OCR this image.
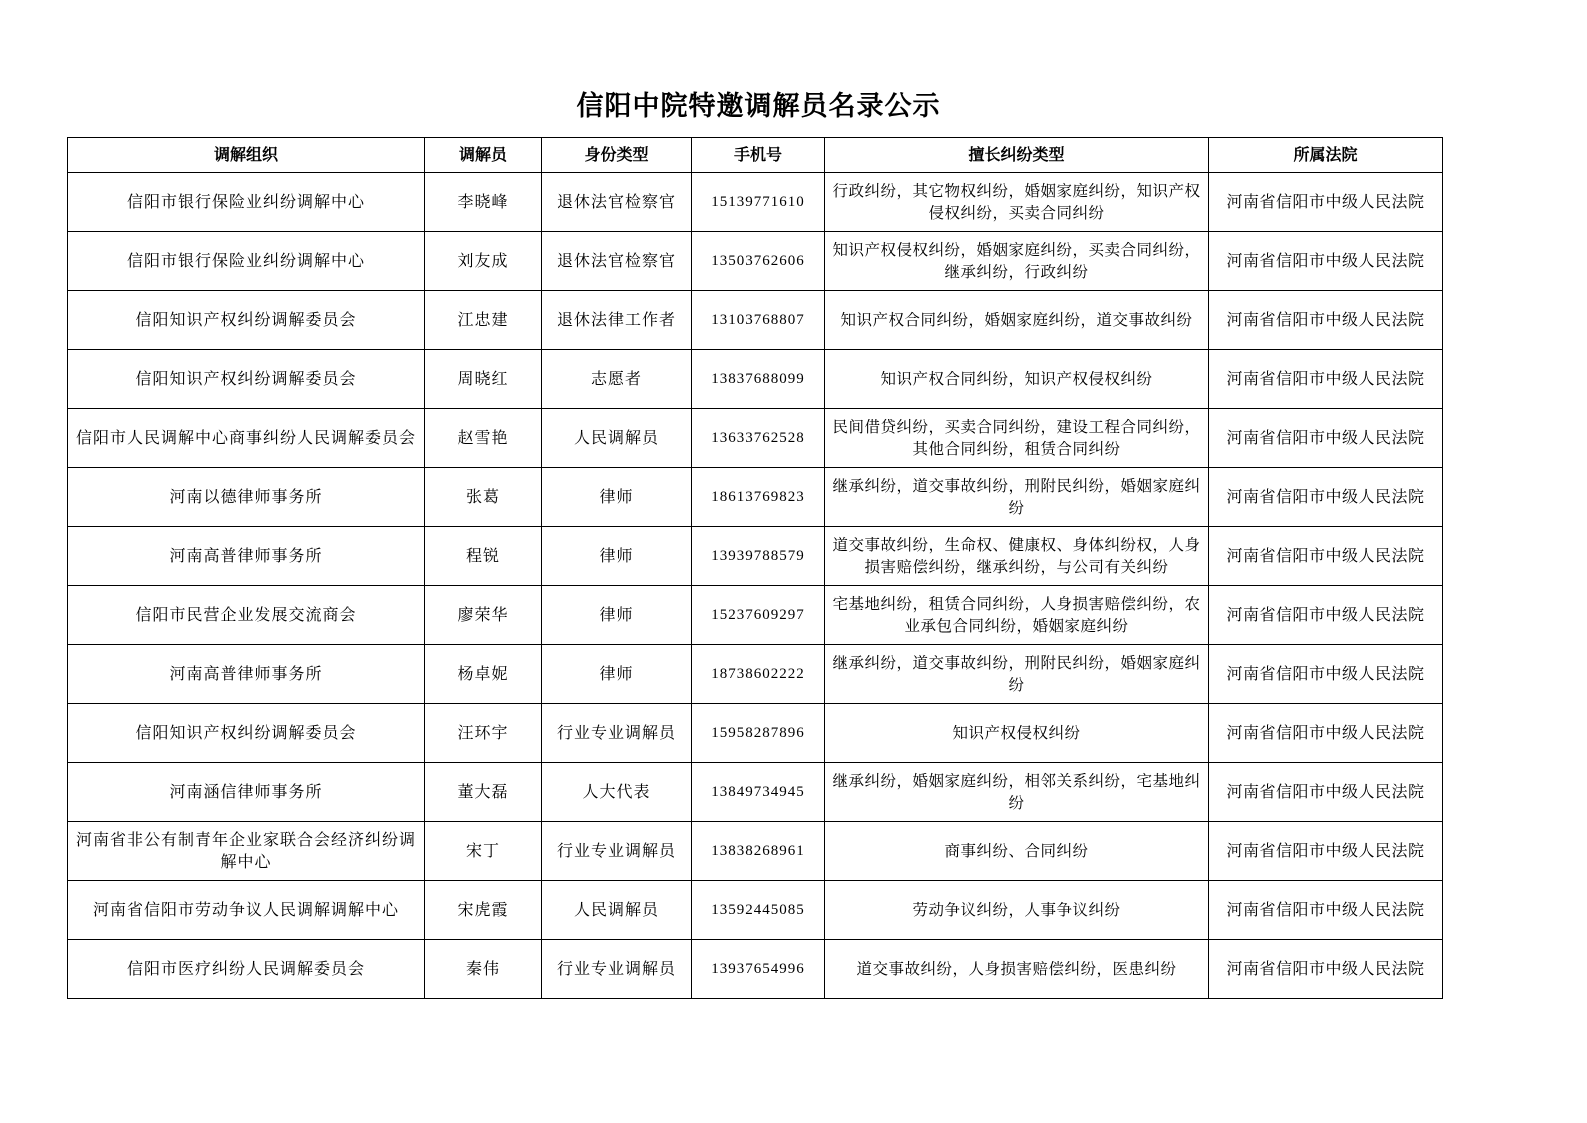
信阳中院特邀调解员名录公示
调解组织	调解员	身份类型	手机号	擅长纠纷类型	所属法院
信阳市银行保险业纠纷调解中心	李晓峰	退休法官检察官	15139771610	行政纠纷，其它物权纠纷，婚姻家庭纠纷，知识产权侵权纠纷，买卖合同纠纷	河南省信阳市中级人民法院
信阳市银行保险业纠纷调解中心	刘友成	退休法官检察官	13503762606	知识产权侵权纠纷，婚姻家庭纠纷，买卖合同纠纷，继承纠纷，行政纠纷	河南省信阳市中级人民法院
信阳知识产权纠纷调解委员会	江忠建	退休法律工作者	13103768807	知识产权合同纠纷，婚姻家庭纠纷，道交事故纠纷	河南省信阳市中级人民法院
信阳知识产权纠纷调解委员会	周晓红	志愿者	13837688099	知识产权合同纠纷，知识产权侵权纠纷	河南省信阳市中级人民法院
信阳市人民调解中心商事纠纷人民调解委员会	赵雪艳	人民调解员	13633762528	民间借贷纠纷，买卖合同纠纷，建设工程合同纠纷，其他合同纠纷，租赁合同纠纷	河南省信阳市中级人民法院
河南以德律师事务所	张葛	律师	18613769823	继承纠纷，道交事故纠纷，刑附民纠纷，婚姻家庭纠纷	河南省信阳市中级人民法院
河南高普律师事务所	程锐	律师	13939788579	道交事故纠纷，生命权、健康权、身体纠纷权，人身损害赔偿纠纷，继承纠纷，与公司有关纠纷	河南省信阳市中级人民法院
信阳市民营企业发展交流商会	廖荣华	律师	15237609297	宅基地纠纷，租赁合同纠纷，人身损害赔偿纠纷，农业承包合同纠纷，婚姻家庭纠纷	河南省信阳市中级人民法院
河南高普律师事务所	杨卓妮	律师	18738602222	继承纠纷，道交事故纠纷，刑附民纠纷，婚姻家庭纠纷	河南省信阳市中级人民法院
信阳知识产权纠纷调解委员会	汪环宇	行业专业调解员	15958287896	知识产权侵权纠纷	河南省信阳市中级人民法院
河南涵信律师事务所	董大磊	人大代表	13849734945	继承纠纷，婚姻家庭纠纷，相邻关系纠纷，宅基地纠纷	河南省信阳市中级人民法院
河南省非公有制青年企业家联合会经济纠纷调解中心	宋丁	行业专业调解员	13838268961	商事纠纷、合同纠纷	河南省信阳市中级人民法院
河南省信阳市劳动争议人民调解调解中心	宋虎霞	人民调解员	13592445085	劳动争议纠纷，人事争议纠纷	河南省信阳市中级人民法院
信阳市医疗纠纷人民调解委员会	秦伟	行业专业调解员	13937654996	道交事故纠纷，人身损害赔偿纠纷，医患纠纷	河南省信阳市中级人民法院
